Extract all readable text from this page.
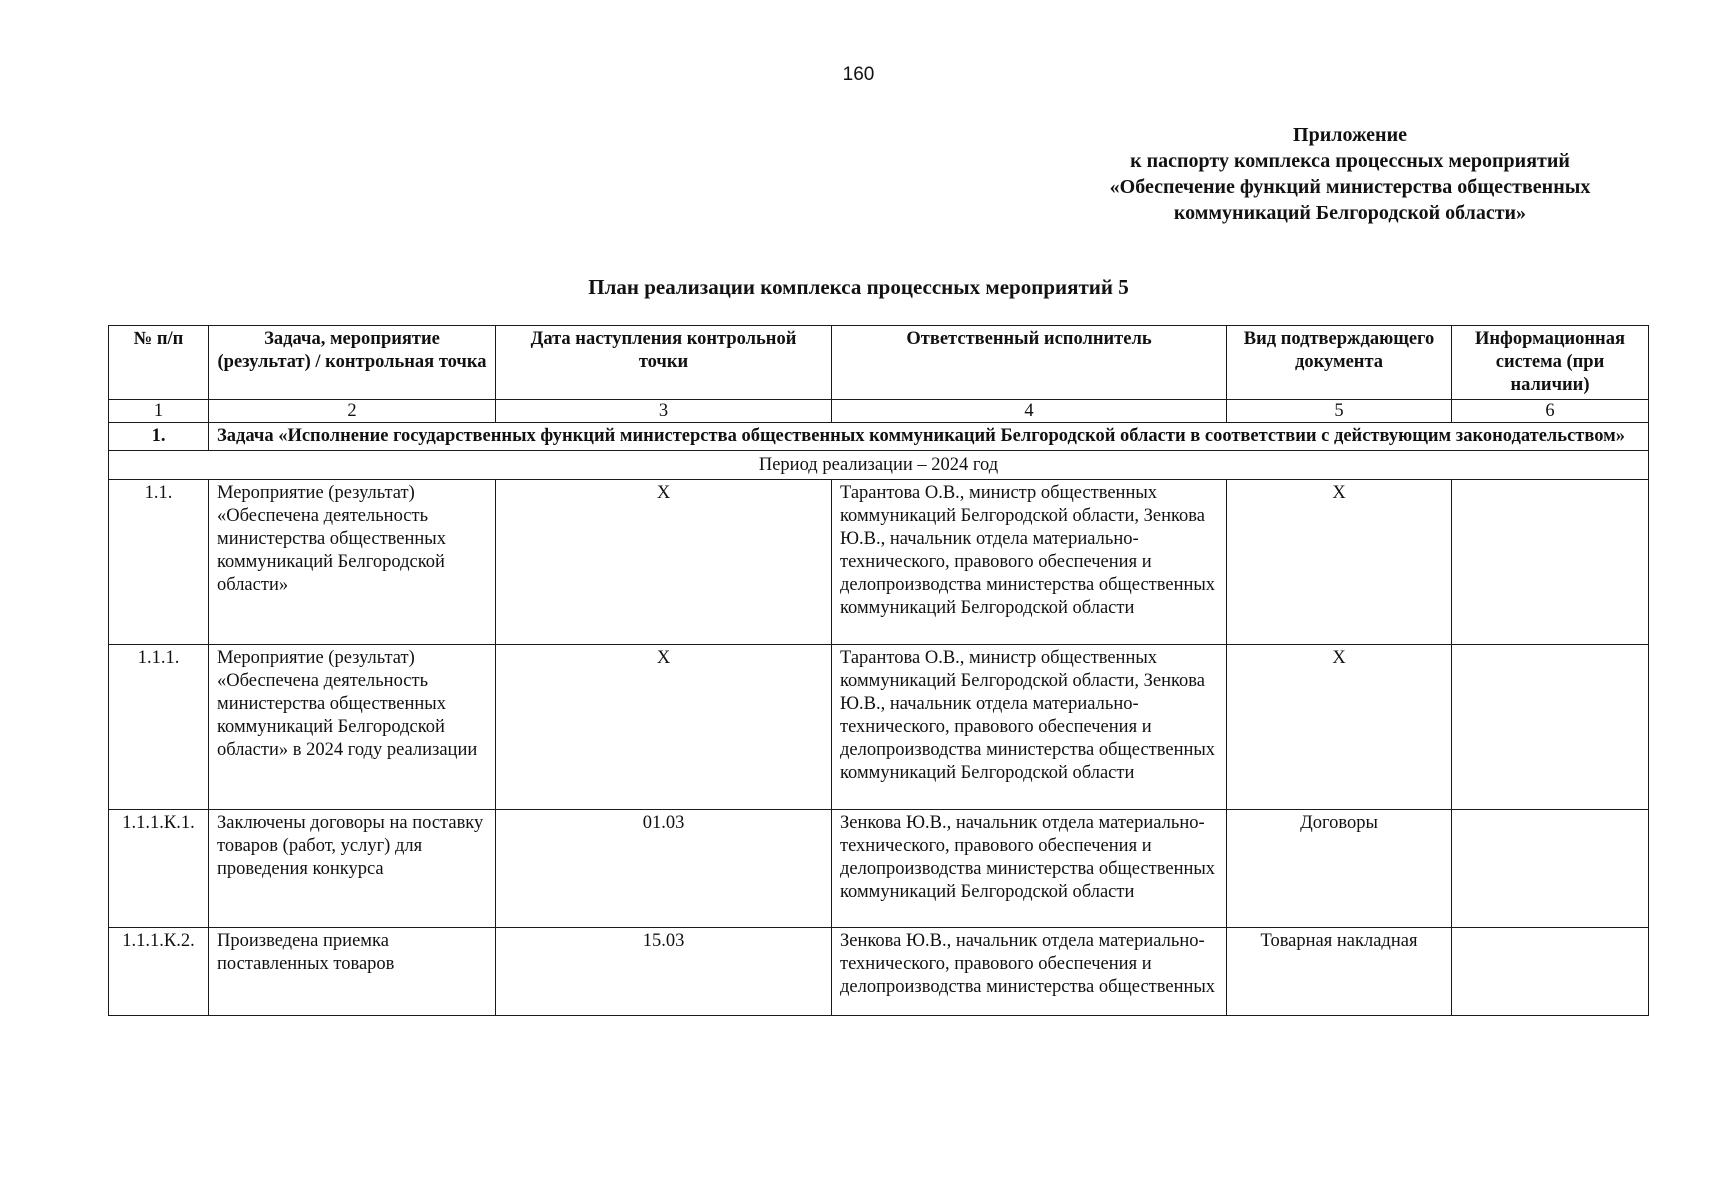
160
Приложение
к паспорту комплекса процессных мероприятий
«Обеспечение функций министерства общественных
коммуникаций Белгородской области»
План реализации комплекса процессных мероприятий 5
№ п/п	Задача, мероприятие (результат) / контрольная точка	Дата наступления контрольной точки	Ответственный исполнитель	Вид подтверждающего документа	Информационная система (при наличии)
1	2	3	4	5	6
1.	Задача «Исполнение государственных функций министерства общественных коммуникаций Белгородской области в соответствии с действующим законодательством»				
Период реализации – 2024 год					
1.1.	Мероприятие (результат) «Обеспечена деятельность министерства общественных коммуникаций Белгородской области»	X	Тарантова О.В., министр общественных коммуникаций Белгородской области, Зенкова Ю.В., начальник отдела материально-технического, правового обеспечения и делопроизводства министерства общественных коммуникаций Белгородской области	X	
1.1.1.	Мероприятие (результат) «Обеспечена деятельность министерства общественных коммуникаций Белгородской области» в 2024 году реализации	X	Тарантова О.В., министр общественных коммуникаций Белгородской области, Зенкова Ю.В., начальник отдела материально-технического, правового обеспечения и делопроизводства министерства общественных коммуникаций Белгородской области	X	
1.1.1.К.1.	Заключены договоры на поставку товаров (работ, услуг) для проведения конкурса	01.03	Зенкова Ю.В., начальник отдела материально-технического, правового обеспечения и делопроизводства министерства общественных коммуникаций Белгородской области	Договоры	
1.1.1.К.2.	Произведена приемка поставленных товаров	15.03	Зенкова Ю.В., начальник отдела материально-технического, правового обеспечения и делопроизводства министерства общественных	Товарная накладная	
